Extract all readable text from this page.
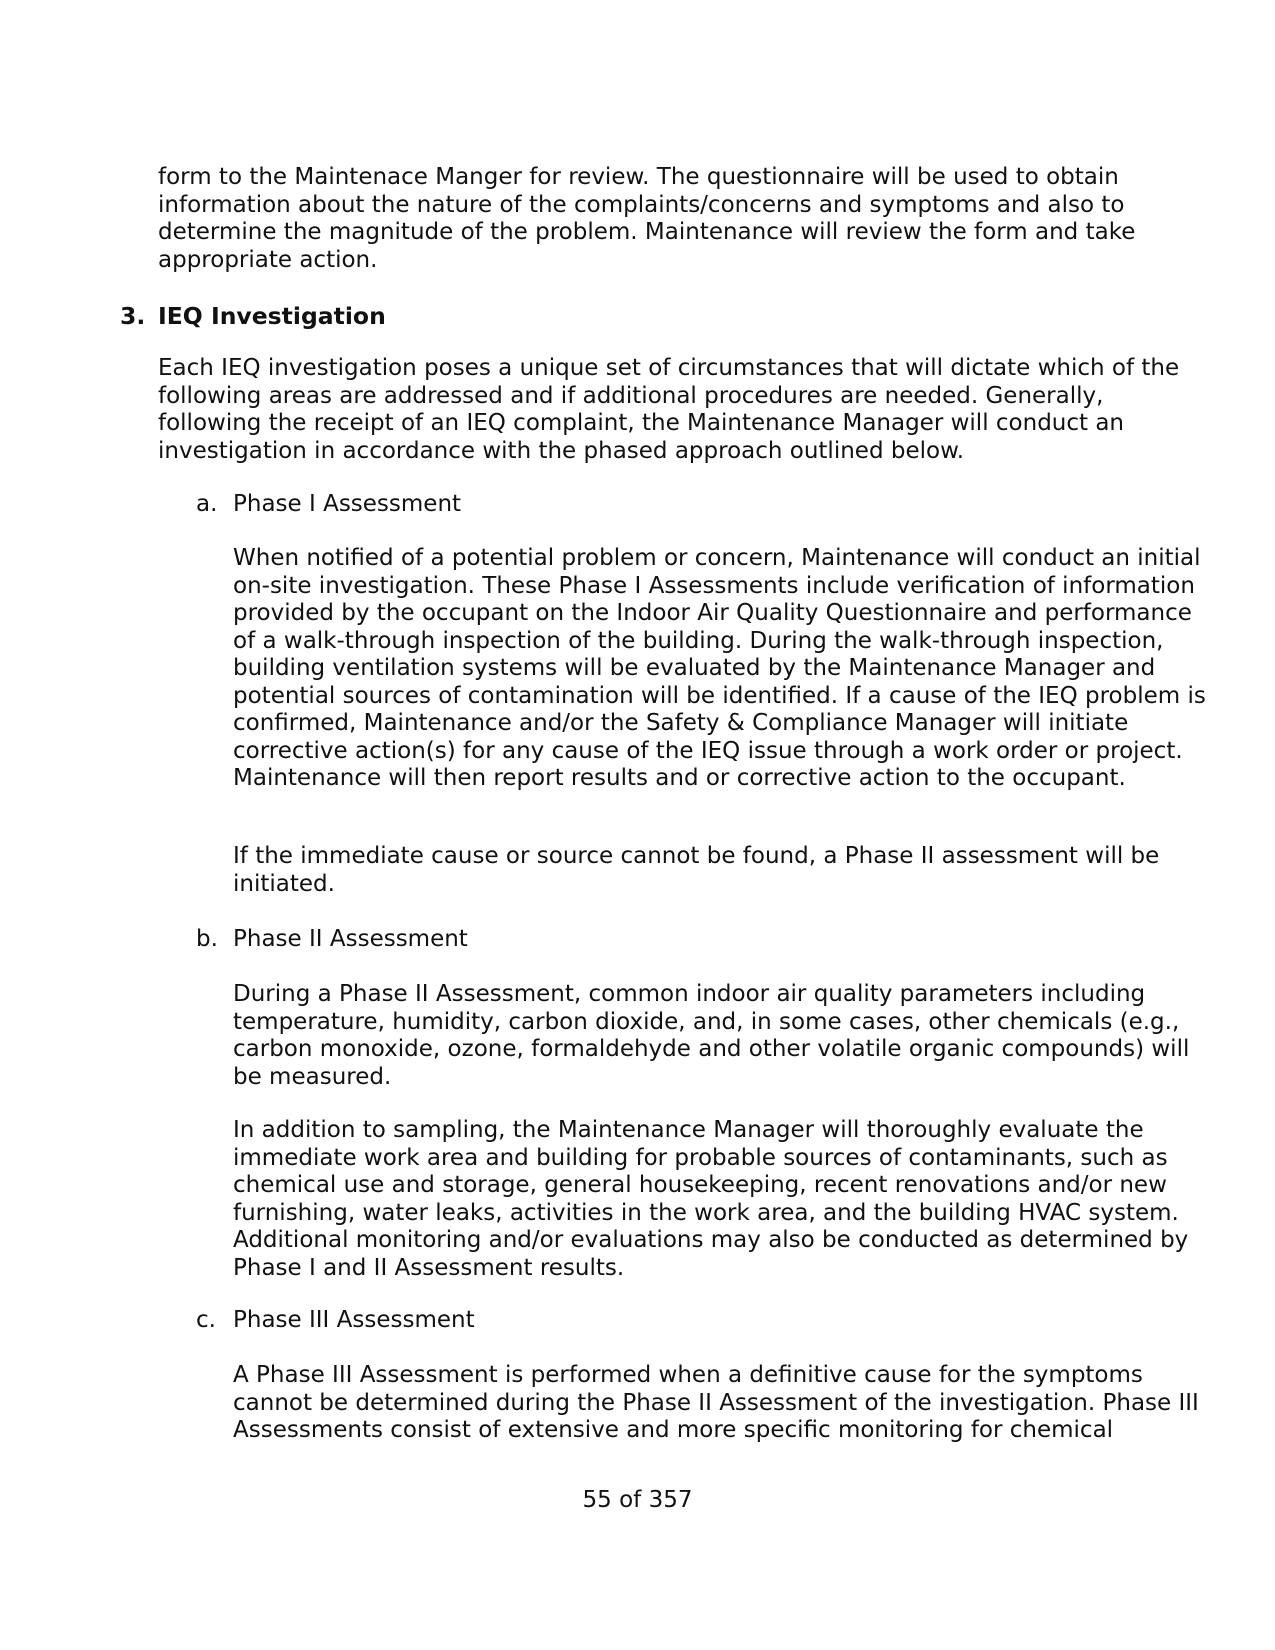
form to the Maintenace Manger for review. The questionnaire will be used to obtain information about the nature of the complaints/concerns and symptoms and also to determine the magnitude of the problem. Maintenance will review the form and take appropriate action.

3. IEQ Investigation

Each IEQ investigation poses a unique set of circumstances that will dictate which of the following areas are addressed and if additional procedures are needed. Generally, following the receipt of an IEQ complaint, the Maintenance Manager will conduct an investigation in accordance with the phased approach outlined below.

a. Phase I Assessment

When notified of a potential problem or concern, Maintenance will conduct an initial on-site investigation. These Phase I Assessments include verification of information provided by the occupant on the Indoor Air Quality Questionnaire and performance of a walk-through inspection of the building. During the walk-through inspection, building ventilation systems will be evaluated by the Maintenance Manager and potential sources of contamination will be identified. If a cause of the IEQ problem is confirmed, Maintenance and/or the Safety & Compliance Manager will initiate corrective action(s) for any cause of the IEQ issue through a work order or project. Maintenance will then report results and or corrective action to the occupant.

If the immediate cause or source cannot be found, a Phase II assessment will be initiated.

b. Phase II Assessment

During a Phase II Assessment, common indoor air quality parameters including temperature, humidity, carbon dioxide, and, in some cases, other chemicals (e.g., carbon monoxide, ozone, formaldehyde and other volatile organic compounds) will be measured.

In addition to sampling, the Maintenance Manager will thoroughly evaluate the immediate work area and building for probable sources of contaminants, such as chemical use and storage, general housekeeping, recent renovations and/or new furnishing, water leaks, activities in the work area, and the building HVAC system. Additional monitoring and/or evaluations may also be conducted as determined by Phase I and II Assessment results.

c. Phase III Assessment

A Phase III Assessment is performed when a definitive cause for the symptoms cannot be determined during the Phase II Assessment of the investigation. Phase III Assessments consist of extensive and more specific monitoring for chemical

55 of 357
